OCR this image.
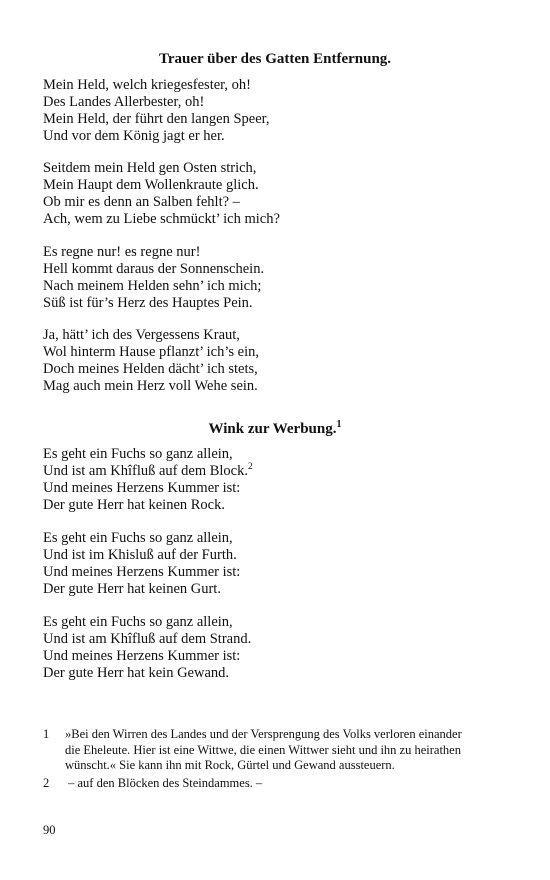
Trauer über des Gatten Entfernung.
Mein Held, welch kriegesfester, oh!
Des Landes Allerbester, oh!
Mein Held, der führt den langen Speer,
Und vor dem König jagt er her.
Seitdem mein Held gen Osten strich,
Mein Haupt dem Wollenkraute glich.
Ob mir es denn an Salben fehlt? –
Ach, wem zu Liebe schmückt’ ich mich?
Es regne nur! es regne nur!
Hell kommt daraus der Sonnenschein.
Nach meinem Helden sehn’ ich mich;
Süß ist für’s Herz des Hauptes Pein.
Ja, hätt’ ich des Vergessens Kraut,
Wol hinterm Hause pflanzt’ ich’s ein,
Doch meines Helden dächt’ ich stets,
Mag auch mein Herz voll Wehe sein.
Wink zur Werbung.$^1$
Es geht ein Fuchs so ganz allein,
Und ist am Khîfluß auf dem Block.$^2$
Und meines Herzens Kummer ist:
Der gute Herr hat keinen Rock.
Es geht ein Fuchs so ganz allein,
Und ist im Khisluß auf der Furth.
Und meines Herzens Kummer ist:
Der gute Herr hat keinen Gurt.
Es geht ein Fuchs so ganz allein,
Und ist am Khîfluß auf dem Strand.
Und meines Herzens Kummer ist:
Der gute Herr hat kein Gewand.
1	»Bei den Wirren des Landes und der Versprengung des Volks verloren einander die Eheleute. Hier ist eine Wittwe, die einen Wittwer sieht und ihn zu heirathen wünscht.« Sie kann ihn mit Rock, Gürtel und Gewand aussteuern.
2	– auf den Blöcken des Steindammes. –
90
